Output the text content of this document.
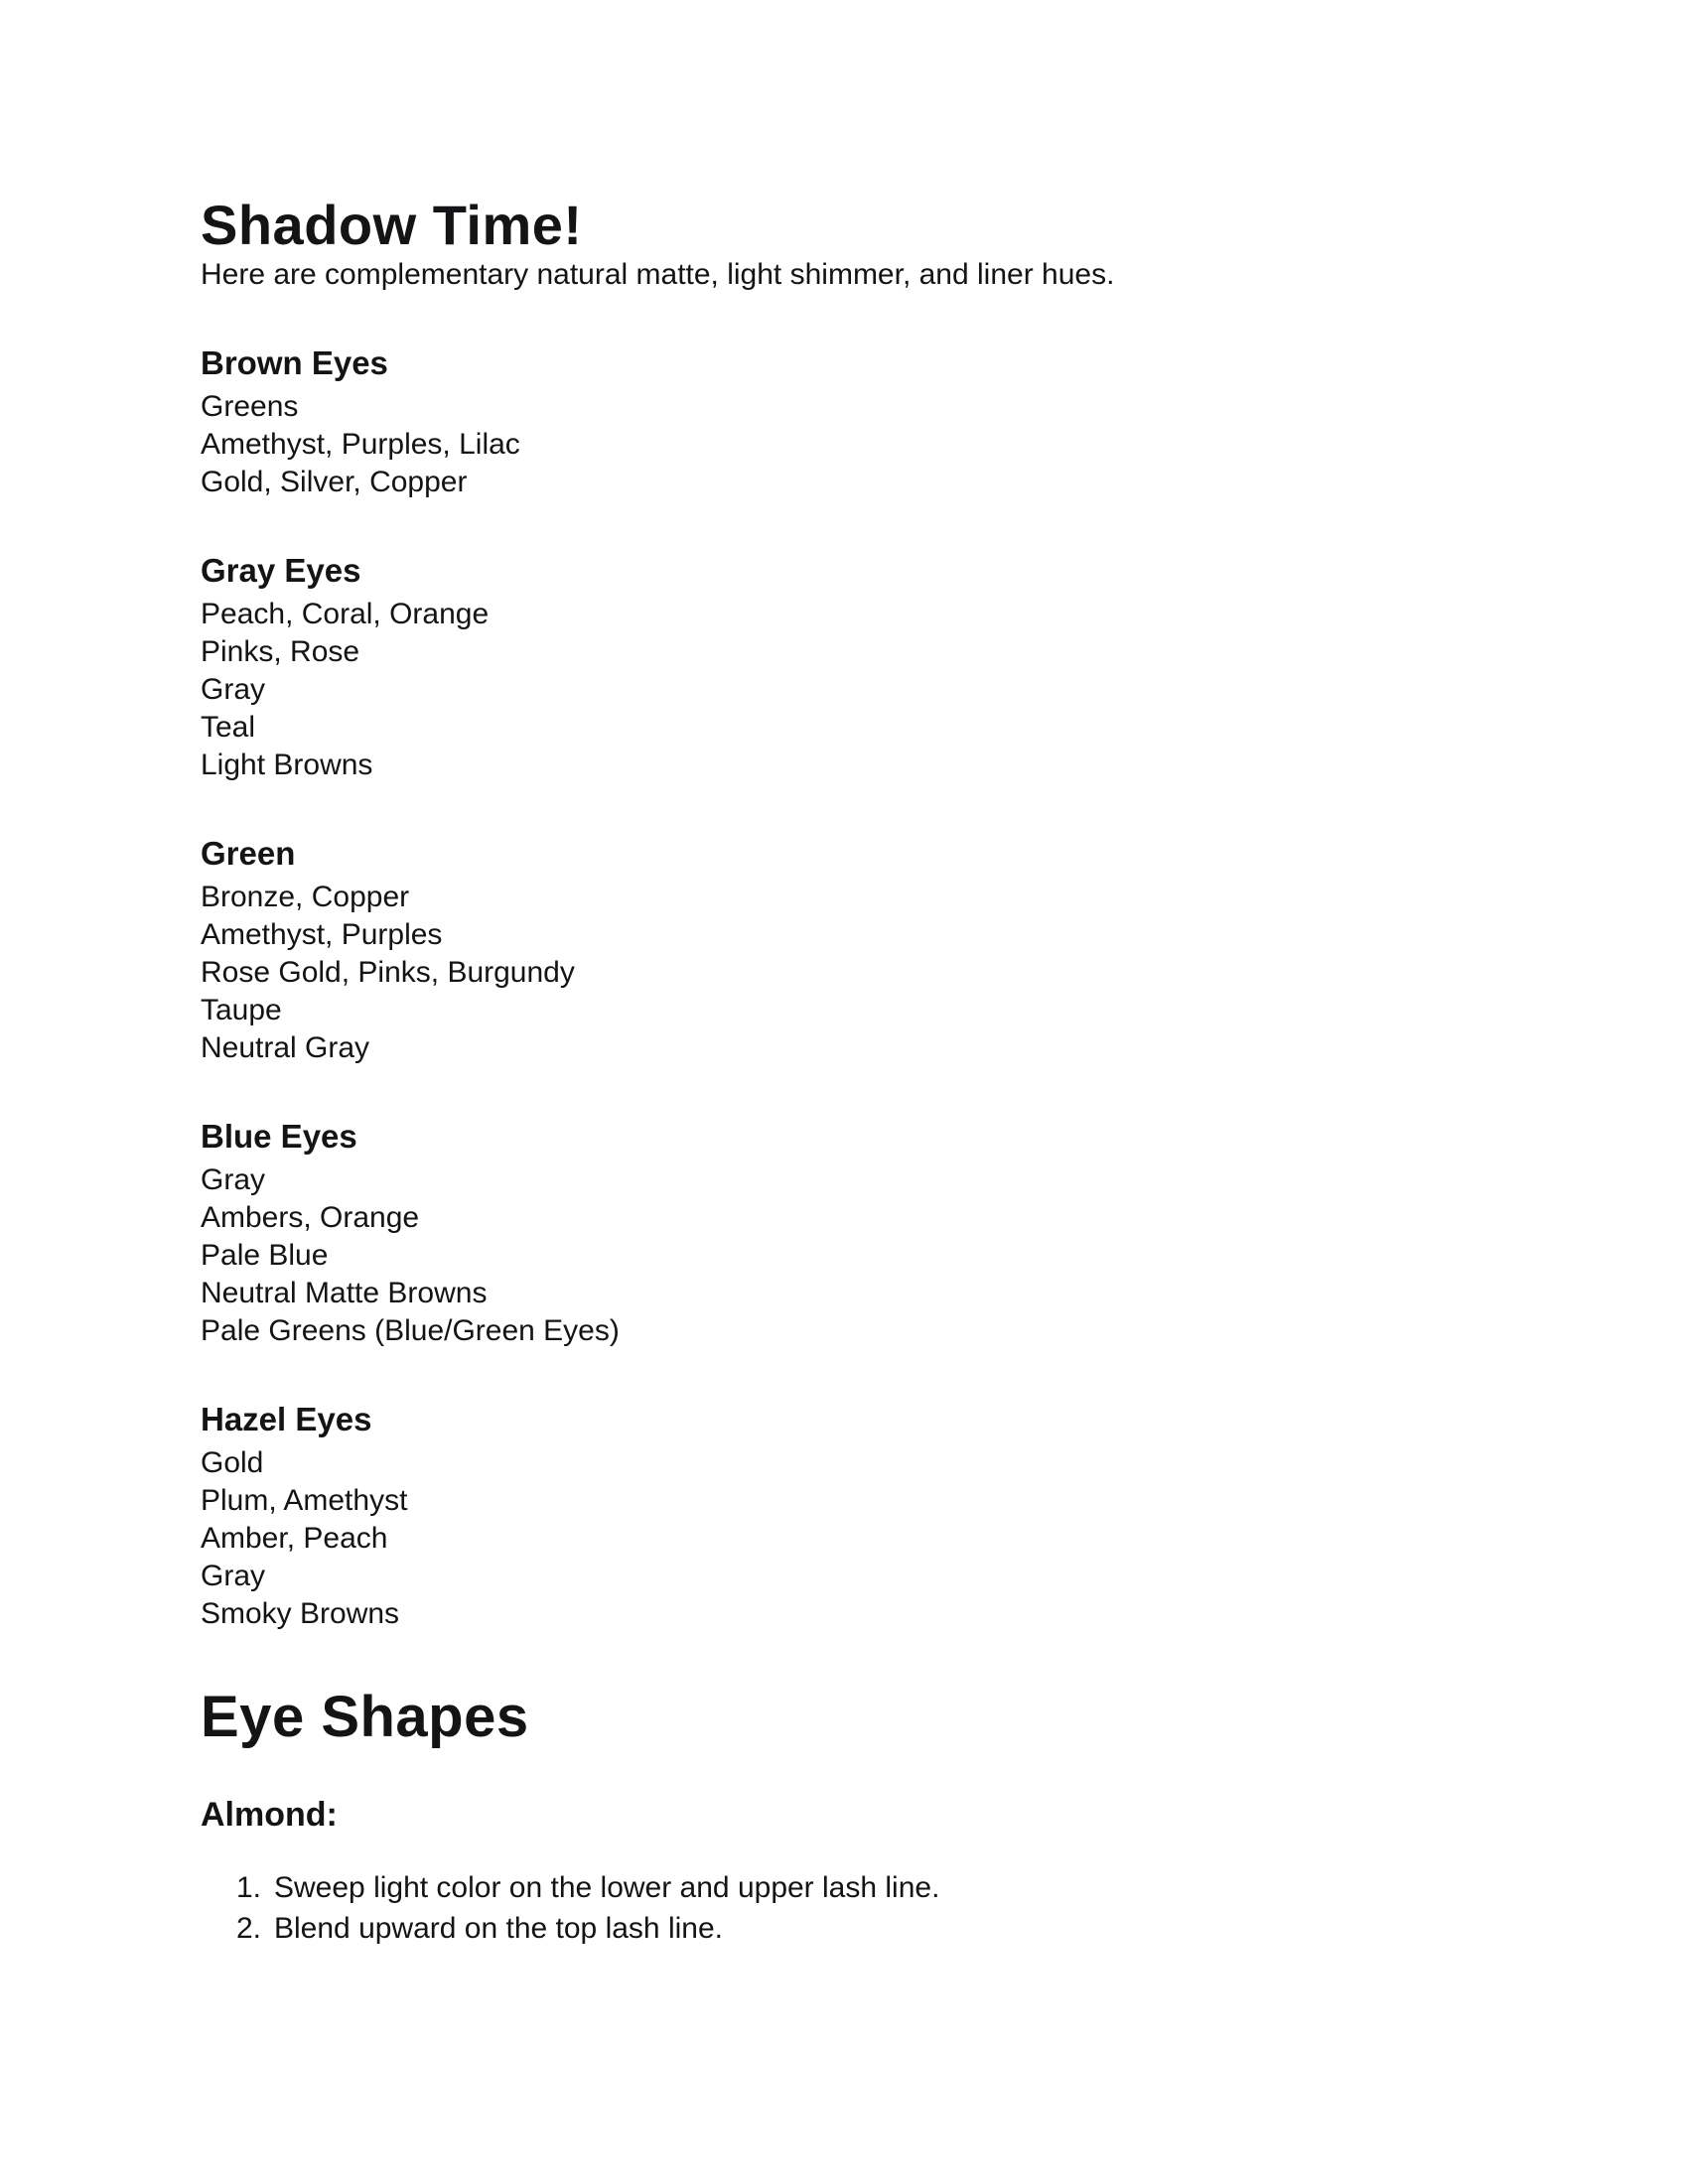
Shadow Time!

Here are complementary natural matte, light shimmer, and liner hues.

Brown Eyes

Greens

Amethyst, Purples, Lilac

Gold, Silver, Copper

Gray Eyes

Peach, Coral, Orange

Pinks, Rose

Gray

Teal

Light Browns

Green

Bronze, Copper

Amethyst, Purples

Rose Gold, Pinks, Burgundy

Taupe

Neutral Gray

Blue Eyes

Gray

Ambers, Orange

Pale Blue

Neutral Matte Browns

Pale Greens (Blue/Green Eyes)

Hazel Eyes

Gold

Plum, Amethyst

Amber, Peach

Gray

Smoky Browns

Eye Shapes
Almond:
1. Sweep light color on the lower and upper lash line.
2. Blend upward on the top lash line.
